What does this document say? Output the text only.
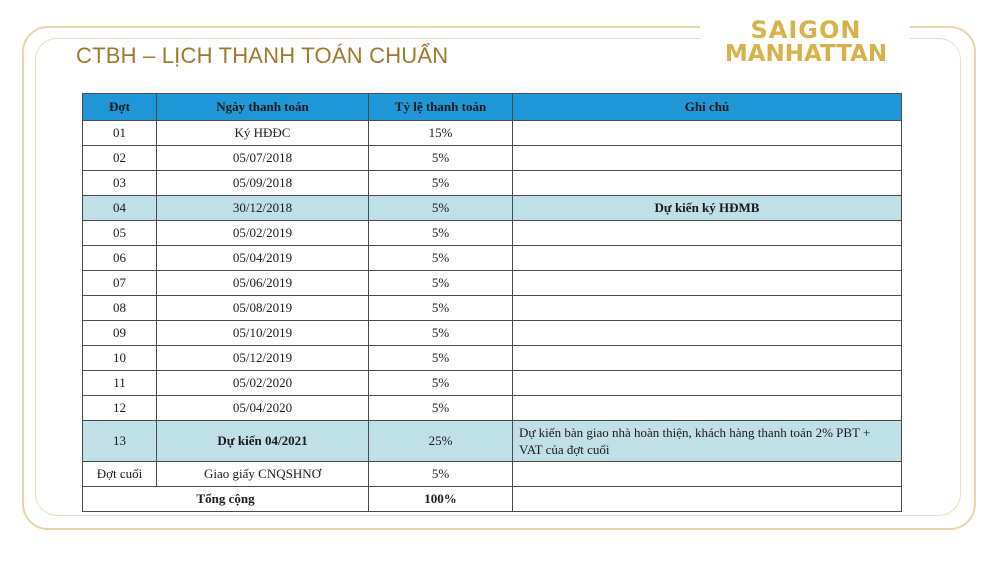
CTBH – LỊCH THANH TOÁN CHUẨN
SAIGON
MANHATTAN
Đợt	Ngày thanh toán	Tỷ lệ thanh toán	Ghi chú
01	Ký HĐĐC	15%	
02	05/07/2018	5%	
03	05/09/2018	5%	
04	30/12/2018	5%	Dự kiến ký HĐMB
05	05/02/2019	5%	
06	05/04/2019	5%	
07	05/06/2019	5%	
08	05/08/2019	5%	
09	05/10/2019	5%	
10	05/12/2019	5%	
11	05/02/2020	5%	
12	05/04/2020	5%	
13	Dự kiến 04/2021	25%	Dự kiến bàn giao nhà hoàn thiện, khách hàng thanh toán 2% PBT + VAT của đợt cuối
Đợt cuối	Giao giấy CNQSHNƠ	5%	
Tổng cộng		100%	
